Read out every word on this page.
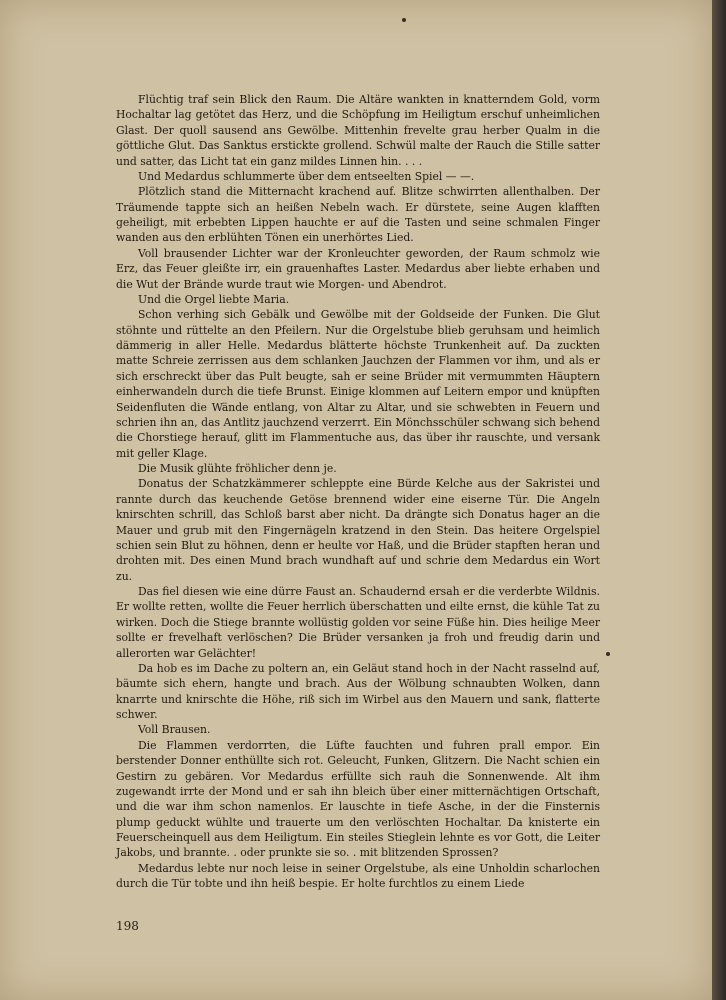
Flüchtig traf sein Blick den Raum. Die Altäre wankten in knatterndem Gold, vorm Hochaltar lag getötet das Herz, und die Schöpfung im Heiligtum erschuf unheimlichen Glast. Der quoll sausend ans Gewölbe. Mittenhin frevelte grau herber Qualm in die göttliche Glut. Das Sanktus erstickte grollend. Schwül malte der Rauch die Stille satter und satter, das Licht tat ein ganz mildes Linnen hin. . . .

Und Medardus schlummerte über dem entseelten Spiel — —.

Plötzlich stand die Mitternacht krachend auf. Blitze schwirrten allenthalben. Der Träumende tappte sich an heißen Nebeln wach. Er dürstete, seine Augen klafften geheiligt, mit erbebten Lippen hauchte er auf die Tasten und seine schmalen Finger wanden aus den erblühten Tönen ein unerhörtes Lied.

Voll brausender Lichter war der Kronleuchter geworden, der Raum schmolz wie Erz, das Feuer gleißte irr, ein grauenhaftes Laster. Medardus aber liebte erhaben und die Wut der Brände wurde traut wie Morgen- und Abendrot.

Und die Orgel liebte Maria.

Schon verhing sich Gebälk und Gewölbe mit der Goldseide der Funken. Die Glut stöhnte und rüttelte an den Pfeilern. Nur die Orgelstube blieb geruhsam und heimlich dämmerig in aller Helle. Medardus blätterte höchste Trunkenheit auf. Da zuckten matte Schreie zerrissen aus dem schlanken Jauchzen der Flammen vor ihm, und als er sich erschreckt über das Pult beugte, sah er seine Brüder mit vermummten Häuptern einherwandeln durch die tiefe Brunst. Einige klommen auf Leitern empor und knüpften Seidenfluten die Wände entlang, von Altar zu Altar, und sie schwebten in Feuern und schrien ihn an, das Antlitz jauchzend verzerrt. Ein Mönchsschüler schwang sich behend die Chorstiege herauf, glitt im Flammentuche aus, das über ihr rauschte, und versank mit geller Klage.

Die Musik glühte fröhlicher denn je.

Donatus der Schatzkämmerer schleppte eine Bürde Kelche aus der Sakristei und rannte durch das keuchende Getöse brennend wider eine eiserne Tür. Die Angeln knirschten schrill, das Schloß barst aber nicht. Da drängte sich Donatus hager an die Mauer und grub mit den Fingernägeln kratzend in den Stein. Das heitere Orgelspiel schien sein Blut zu höhnen, denn er heulte vor Haß, und die Brüder stapften heran und drohten mit. Des einen Mund brach wundhaft auf und schrie dem Medardus ein Wort zu.

Das fiel diesen wie eine dürre Faust an. Schaudernd ersah er die verderbte Wildnis. Er wollte retten, wollte die Feuer herrlich überschatten und eilte ernst, die kühle Tat zu wirken. Doch die Stiege brannte wollüstig golden vor seine Füße hin. Dies heilige Meer sollte er frevelhaft verlöschen? Die Brüder versanken ja froh und freudig darin und allerorten war Gelächter!

Da hob es im Dache zu poltern an, ein Geläut stand hoch in der Nacht rasselnd auf, bäumte sich ehern, hangte und brach. Aus der Wölbung schnaubten Wolken, dann knarrte und knirschte die Höhe, riß sich im Wirbel aus den Mauern und sank, flatterte schwer.

Voll Brausen.

Die Flammen verdorrten, die Lüfte fauchten und fuhren prall empor. Ein berstender Donner enthüllte sich rot. Geleucht, Funken, Glitzern. Die Nacht schien ein Gestirn zu gebären. Vor Medardus erfüllte sich rauh die Sonnenwende. Alt ihm zugewandt irrte der Mond und er sah ihn bleich über einer mitternächtigen Ortschaft, und die war ihm schon namenlos. Er lauschte in tiefe Asche, in der die Finsternis plump geduckt wühlte und trauerte um den verlöschten Hochaltar. Da knisterte ein Feuerscheinquell aus dem Heiligtum. Ein steiles Stieglein lehnte es vor Gott, die Leiter Jakobs, und brannte. . oder prunkte sie so. . mit blitzenden Sprossen?

Medardus lebte nur noch leise in seiner Orgelstube, als eine Unholdin scharlochen durch die Tür tobte und ihn heiß bespie. Er holte furchtlos zu einem Liede

198
